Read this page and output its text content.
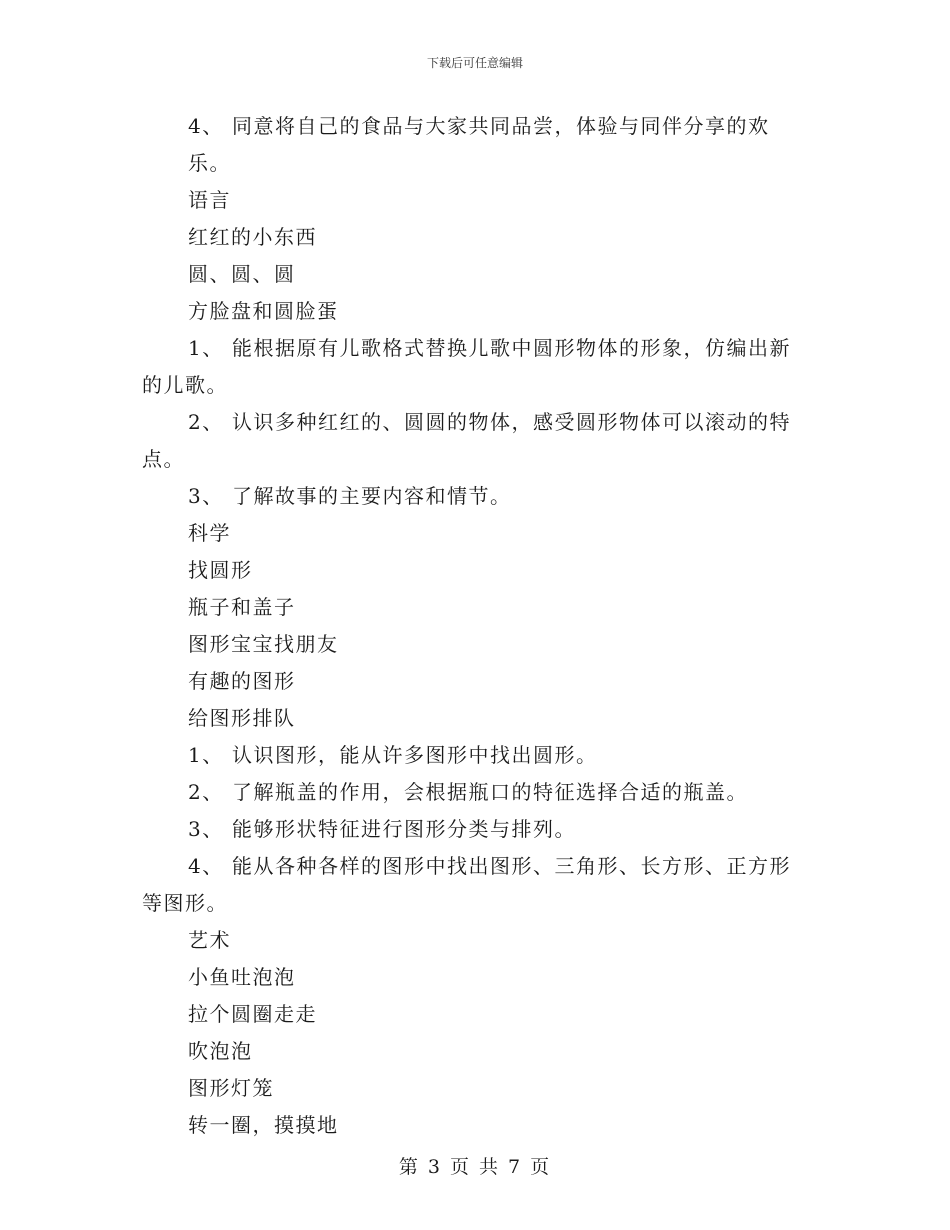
下载后可任意编辑
4、 同意将自己的食品与大家共同品尝，体验与同伴分享的欢乐。
语言
红红的小东西
圆、圆、圆
方脸盘和圆脸蛋
1、 能根据原有儿歌格式替换儿歌中圆形物体的形象，仿编出新
的儿歌。
2、 认识多种红红的、圆圆的物体，感受圆形物体可以滚动的特
点。
3、 了解故事的主要内容和情节。
科学
找圆形
瓶子和盖子
图形宝宝找朋友
有趣的图形
给图形排队
1、 认识图形，能从许多图形中找出圆形。
2、 了解瓶盖的作用，会根据瓶口的特征选择合适的瓶盖。
3、 能够形状特征进行图形分类与排列。
4、 能从各种各样的图形中找出图形、三角形、长方形、正方形
等图形。
艺术
小鱼吐泡泡
拉个圆圈走走
吹泡泡
图形灯笼
转一圈，摸摸地
第 3 页 共 7 页
